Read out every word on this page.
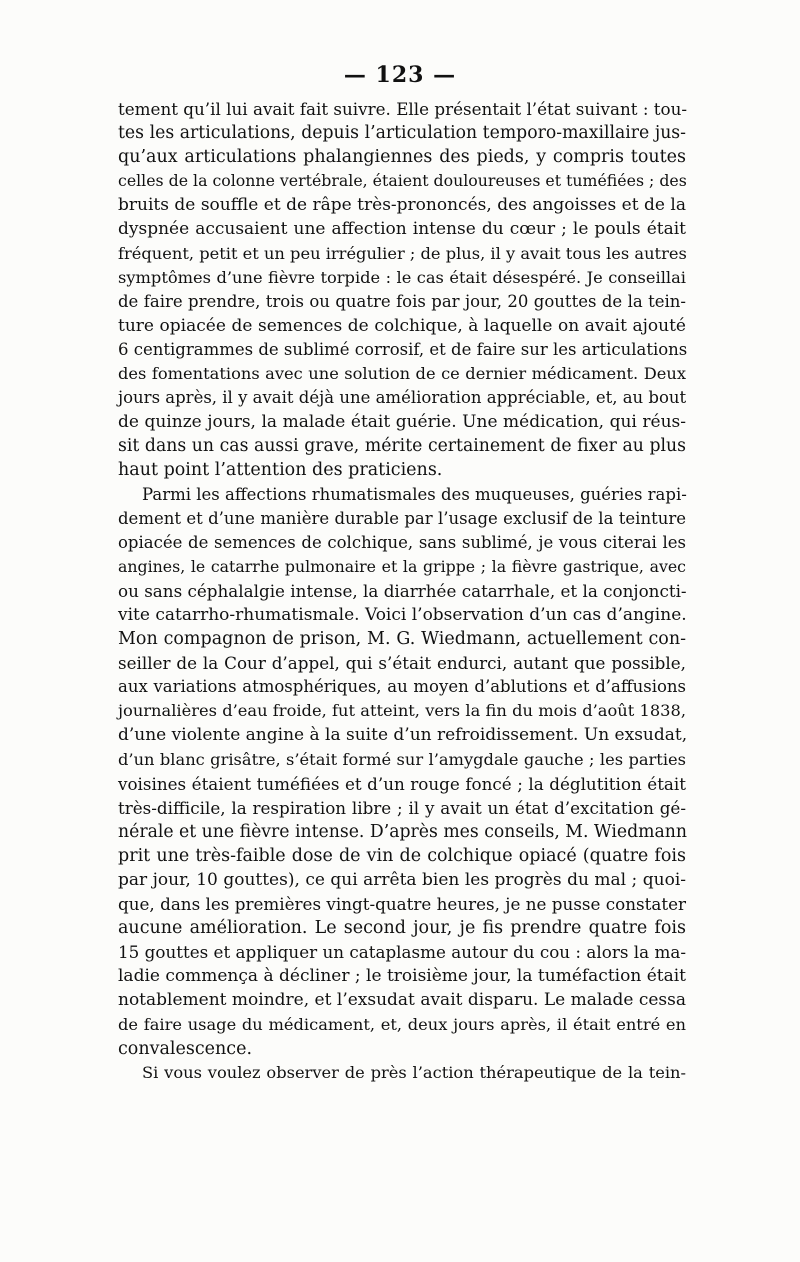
— 123 —
tement qu’il lui avait fait suivre. Elle présentait l’état suivant : tou-
tes les articulations, depuis l’articulation temporo-maxillaire jus-
qu’aux articulations phalangiennes des pieds, y compris toutes
celles de la colonne vertébrale, étaient douloureuses et tuméfiées ; des
bruits de souffle et de râpe très-prononcés, des angoisses et de la
dyspnée accusaient une affection intense du cœur ; le pouls était
fréquent, petit et un peu irrégulier ; de plus, il y avait tous les autres
symptômes d’une fièvre torpide : le cas était désespéré. Je conseillai
de faire prendre, trois ou quatre fois par jour, 20 gouttes de la tein-
ture opiacée de semences de colchique, à laquelle on avait ajouté
6 centigrammes de sublimé corrosif, et de faire sur les articulations
des fomentations avec une solution de ce dernier médicament. Deux
jours après, il y avait déjà une amélioration appréciable, et, au bout
de quinze jours, la malade était guérie. Une médication, qui réus-
sit dans un cas aussi grave, mérite certainement de fixer au plus
haut point l’attention des praticiens.
Parmi les affections rhumatismales des muqueuses, guéries rapi-
dement et d’une manière durable par l’usage exclusif de la teinture
opiacée de semences de colchique, sans sublimé, je vous citerai les
angines, le catarrhe pulmonaire et la grippe ; la fièvre gastrique, avec
ou sans céphalalgie intense, la diarrhée catarrhale, et la conjoncti-
vite catarrho-rhumatismale. Voici l’observation d’un cas d’angine.
Mon compagnon de prison, M. G. Wiedmann, actuellement con-
seiller de la Cour d’appel, qui s’était endurci, autant que possible,
aux variations atmosphériques, au moyen d’ablutions et d’affusions
journalières d’eau froide, fut atteint, vers la fin du mois d’août 1838,
d’une violente angine à la suite d’un refroidissement. Un exsudat,
d’un blanc grisâtre, s’était formé sur l’amygdale gauche ; les parties
voisines étaient tuméfiées et d’un rouge foncé ; la déglutition était
très-difficile, la respiration libre ; il y avait un état d’excitation gé-
nérale et une fièvre intense. D’après mes conseils, M. Wiedmann
prit une très-faible dose de vin de colchique opiacé (quatre fois
par jour, 10 gouttes), ce qui arrêta bien les progrès du mal ; quoi-
que, dans les premières vingt-quatre heures, je ne pusse constater
aucune amélioration. Le second jour, je fis prendre quatre fois
15 gouttes et appliquer un cataplasme autour du cou : alors la ma-
ladie commença à décliner ; le troisième jour, la tuméfaction était
notablement moindre, et l’exsudat avait disparu. Le malade cessa
de faire usage du médicament, et, deux jours après, il était entré en
convalescence.
Si vous voulez observer de près l’action thérapeutique de la tein-
